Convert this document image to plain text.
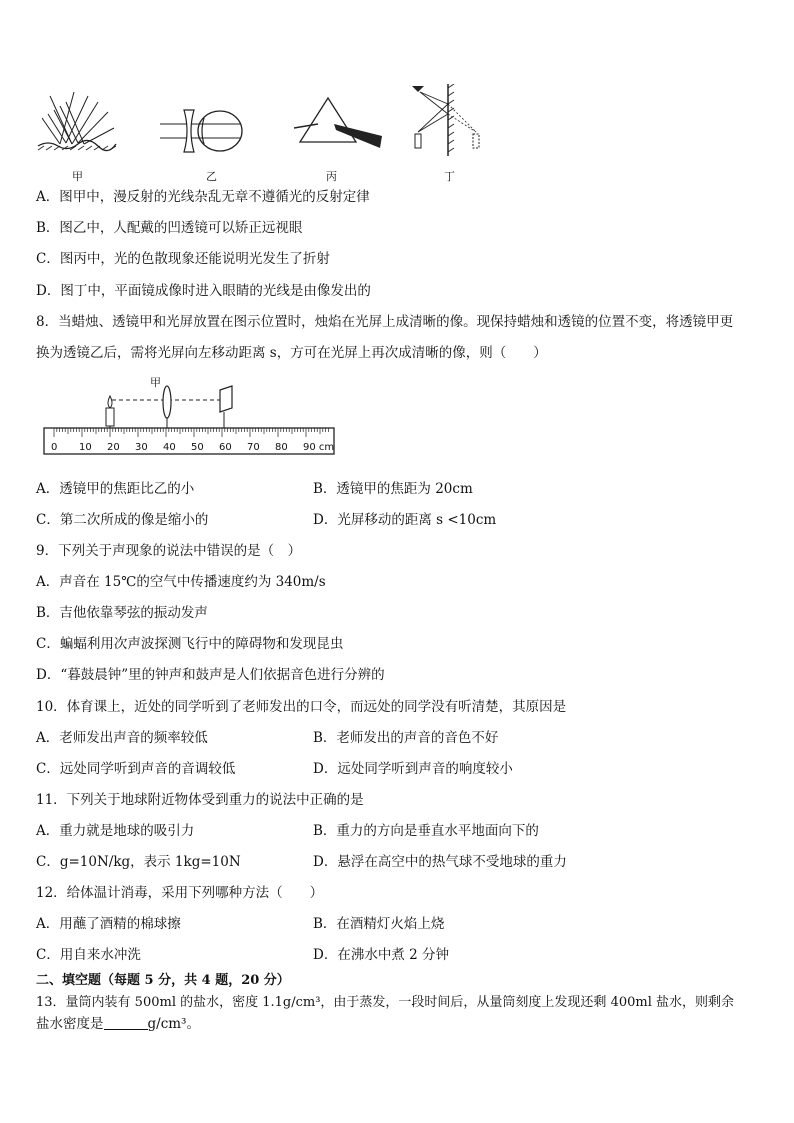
甲	乙	丙	丁
A．图甲中，漫反射的光线杂乱无章不遵循光的反射定律
B．图乙中，人配戴的凹透镜可以矫正远视眼
C．图丙中，光的色散现象还能说明光发生了折射
D．图丁中，平面镜成像时进入眼睛的光线是由像发出的
8．当蜡烛、透镜甲和光屏放置在图示位置时，烛焰在光屏上成清晰的像。现保持蜡烛和透镜的位置不变，将透镜甲更
换为透镜乙后，需将光屏向左移动距离 s，方可在光屏上再次成清晰的像，则（　　）
甲
0 10 20 30 40 50 60 70 80 90 cm
A．透镜甲的焦距比乙的小	B．透镜甲的焦距为 20cm
C．第二次所成的像是缩小的	D．光屏移动的距离 s <10cm
9．下列关于声现象的说法中错误的是（　）
A．声音在 15℃的空气中传播速度约为 340m/s
B．吉他依靠琴弦的振动发声
C．蝙蝠利用次声波探测飞行中的障碍物和发现昆虫
D．“暮鼓晨钟”里的钟声和鼓声是人们依据音色进行分辨的
10．体育课上，近处的同学听到了老师发出的口令，而远处的同学没有听清楚，其原因是
A．老师发出声音的频率较低	B．老师发出的声音的音色不好
C．远处同学听到声音的音调较低	D．远处同学听到声音的响度较小
11．下列关于地球附近物体受到重力的说法中正确的是
A．重力就是地球的吸引力	B．重力的方向是垂直水平地面向下的
C．g=10N/kg，表示 1kg=10N	D．悬浮在高空中的热气球不受地球的重力
12．给体温计消毒，采用下列哪种方法（　　）
A．用蘸了酒精的棉球擦	B．在酒精灯火焰上烧
C．用自来水冲洗	D．在沸水中煮 2 分钟
二、填空题（每题 5 分，共 4 题，20 分）
13．量筒内装有 500ml 的盐水，密度 1.1g/cm³，由于蒸发，一段时间后，从量筒刻度上发现还剩 400ml 盐水，则剩余
盐水密度是	g/cm³。
